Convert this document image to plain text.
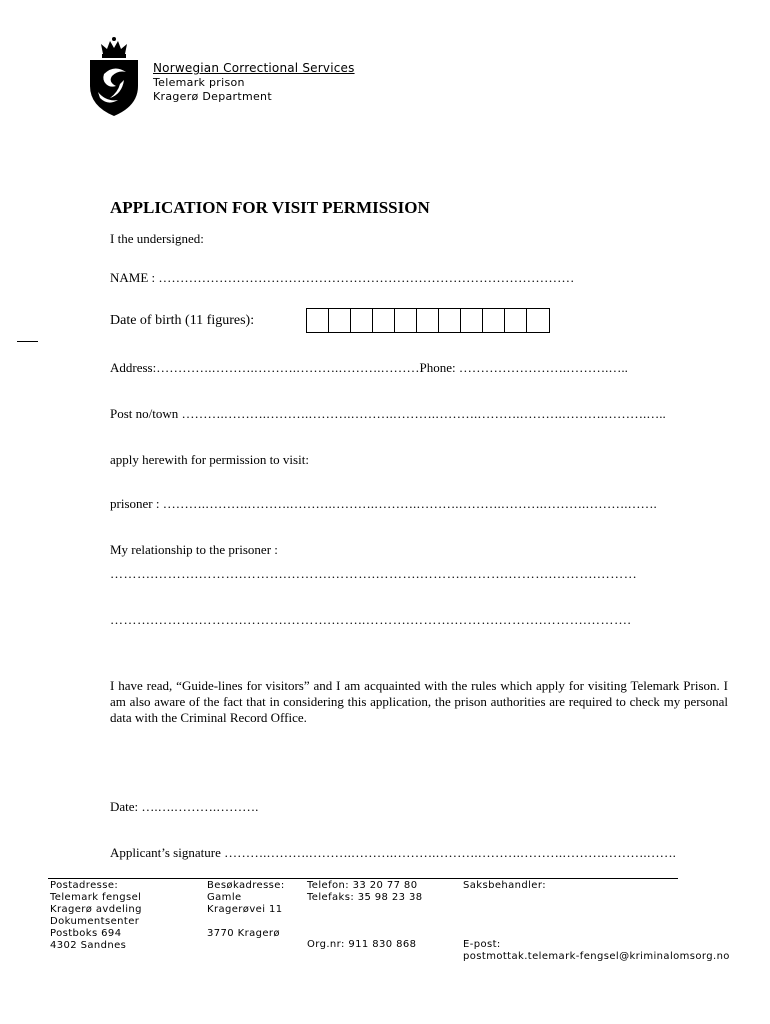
Norwegian Correctional Services
Telemark prison
Kragerø Department
APPLICATION FOR VISIT PERMISSION
I the undersigned:
NAME : ……………………………………………………………………………………
Date of birth (11 figures):
Address:………….……….……….……….……….………Phone: …………………….……….…..
Post no/town ……….……….……….……….……….……….……….……….……….……….……….…..
apply herewith for permission to visit:
prisoner : ……….……….……….……….……….……….……….……….……….……….……….…….
My relationship to the prisoner :
……….……….……….……….……….……….……….……….……….……….……….………
……….……….……….……….……….……..……….……….……….……….……….……….
I have read, “Guide-lines for visitors” and I am acquainted with the rules which apply for visiting Telemark Prison. I am also aware of the fact that in considering this application, the prison authorities are required to check my personal data with the Criminal Record Office.
Date: ….….……….……….
Applicant’s signature ……….……….……….……….……….……….……….……….……….……….…….
Postadresse:
Telemark fengsel
Kragerø avdeling
Dokumentsenter
Postboks 694
4302 Sandnes
Besøkadresse:
Gamle
Kragerøvei 11

3770 Kragerø
Telefon: 33 20 77 80
Telefaks: 35 98 23 38
Org.nr: 911 830 868
Saksbehandler:
E-post:
postmottak.telemark-fengsel@kriminalomsorg.no
